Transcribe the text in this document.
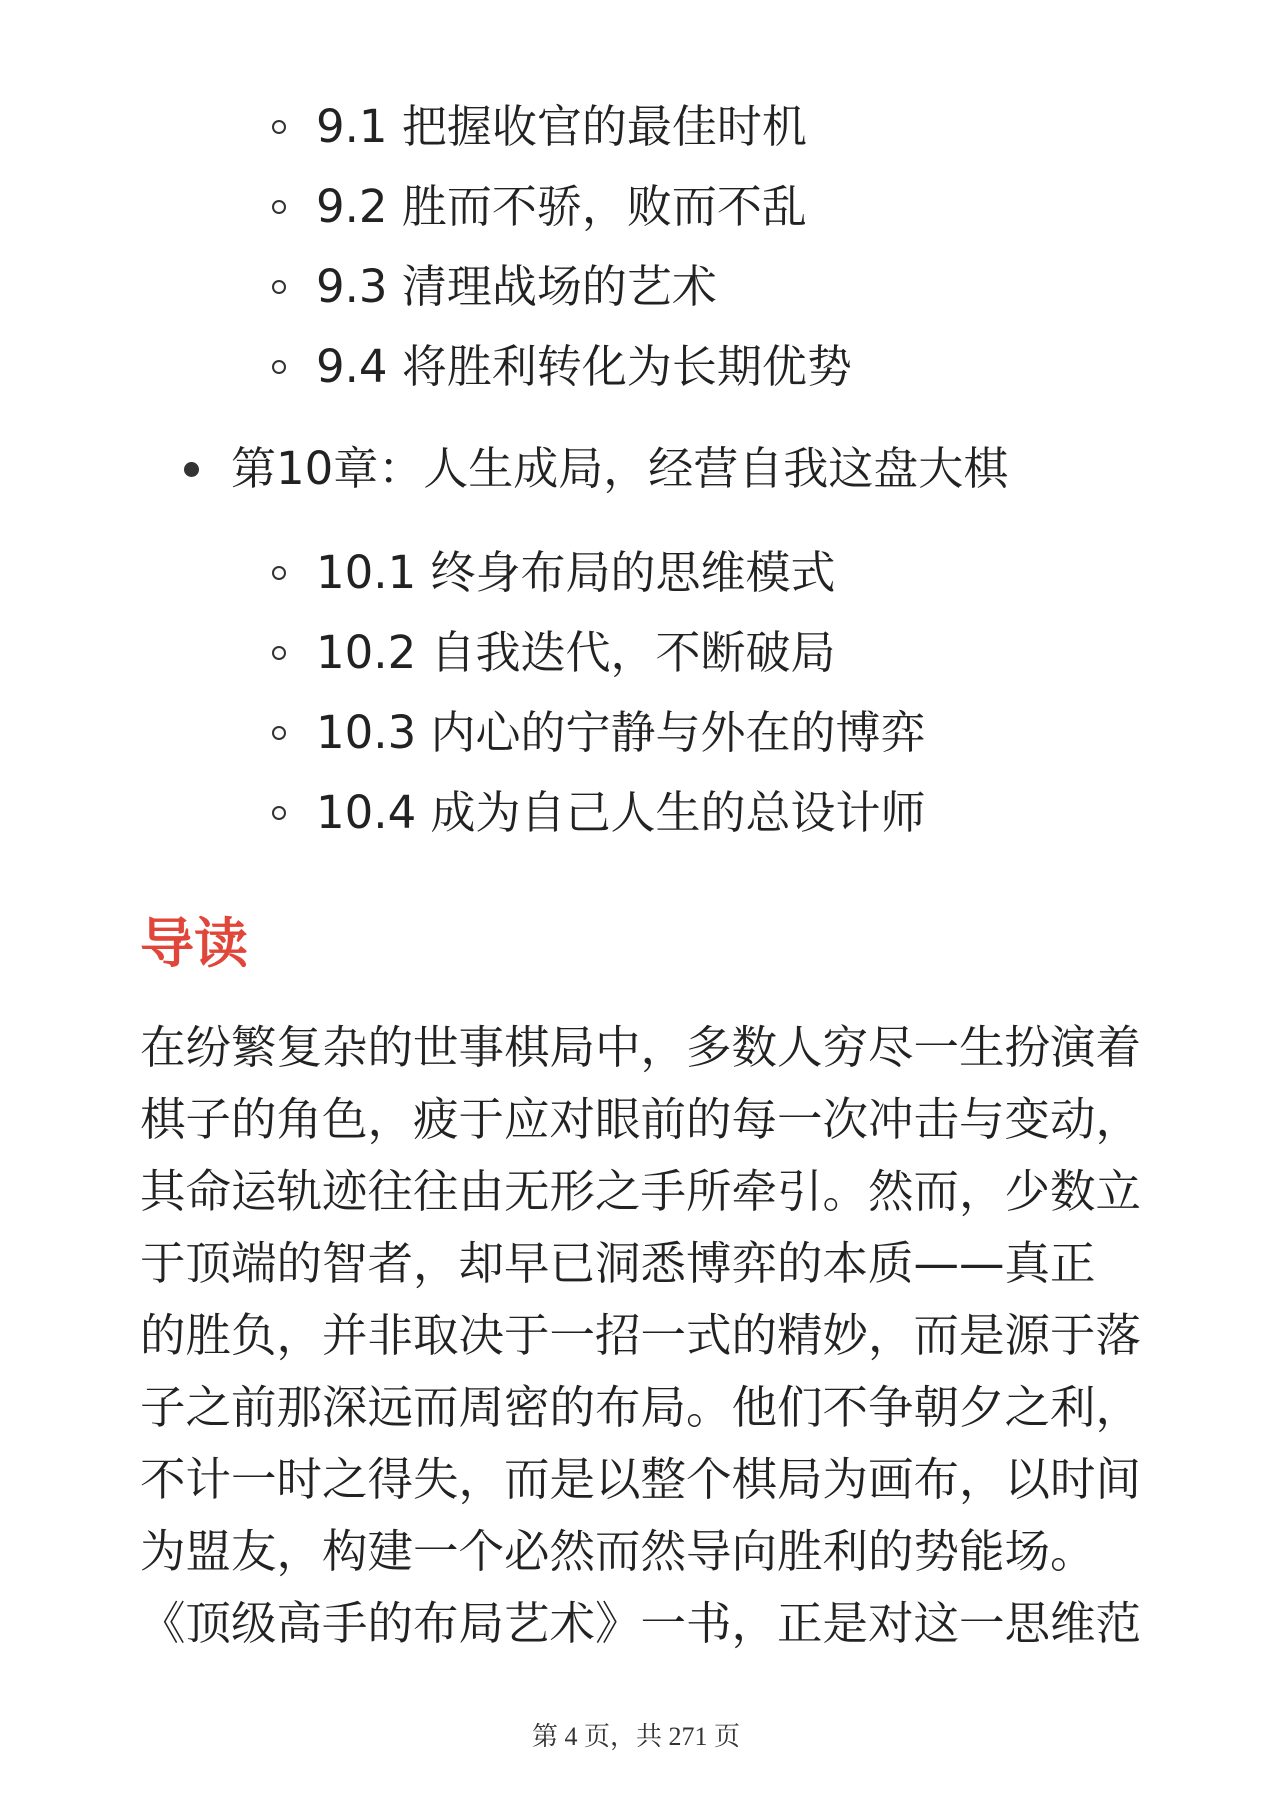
9.1 把握收官的最佳时机
9.2 胜而不骄，败而不乱
9.3 清理战场的艺术
9.4 将胜利转化为长期优势
第10章：人生成局，经营自我这盘大棋
10.1 终身布局的思维模式
10.2 自我迭代，不断破局
10.3 内心的宁静与外在的博弈
10.4 成为自己人生的总设计师
导读
在纷繁复杂的世事棋局中，多数人穷尽一生扮演着
棋子的角色，疲于应对眼前的每一次冲击与变动，
其命运轨迹往往由无形之手所牵引。然而，少数立
于顶端的智者，却早已洞悉博弈的本质——真正
的胜负，并非取决于一招一式的精妙，而是源于落
子之前那深远而周密的布局。他们不争朝夕之利，
不计一时之得失，而是以整个棋局为画布，以时间
为盟友，构建一个必然而然导向胜利的势能场。
《顶级高手的布局艺术》一书，正是对这一思维范
第 4 页，共 271 页
